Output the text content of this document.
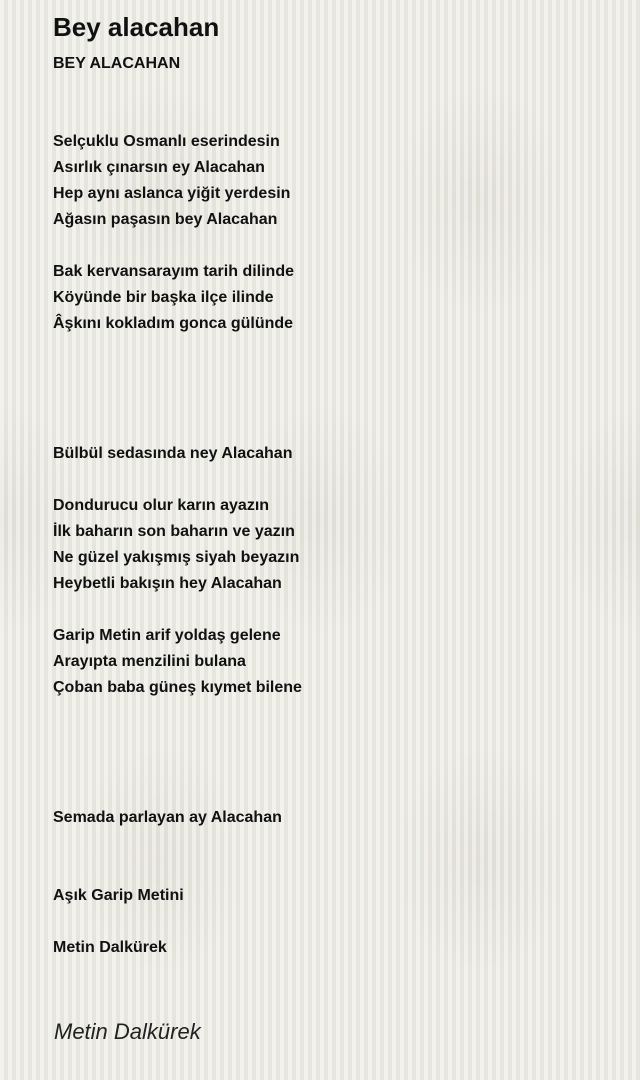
Bey alacahan
BEY ALACAHAN
Selçuklu Osmanlı eserindesin
Asırlık çınarsın ey Alacahan
Hep aynı aslanca yiğit yerdesin
Ağasın paşasın bey Alacahan
Bak kervansarayım tarih dilinde
Köyünde bir başka ilçe ilinde
Âşkını kokladım gonca gülünde
Bülbül sedasında ney Alacahan
Dondurucu olur karın ayazın
İlk baharın son baharın ve yazın
Ne güzel yakışmış siyah beyazın
Heybetli bakışın hey Alacahan
Garip Metin arif yoldaş gelene
Arayıpta menzilini bulana
Çoban baba güneş kıymet bilene
Semada parlayan ay Alacahan
Aşık Garip Metini
Metin Dalkürek
Metin Dalkürek
